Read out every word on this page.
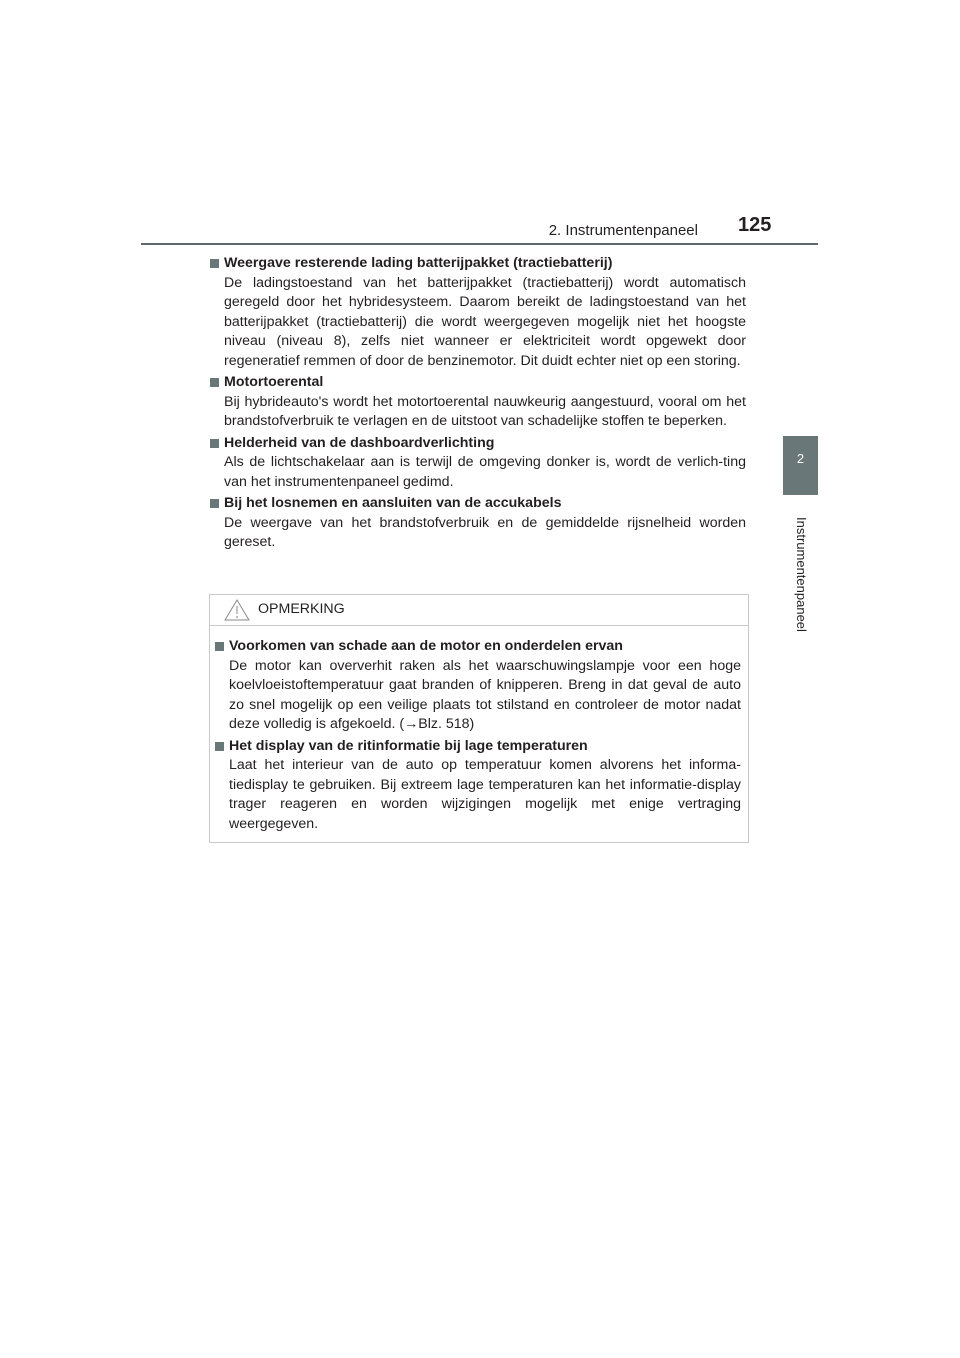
2. Instrumentenpaneel 125
2
Instrumentenpaneel
Weergave resterende lading batterijpakket (tractiebatterij)
De ladingstoestand van het batterijpakket (tractiebatterij) wordt automatisch geregeld door het hybridesysteem. Daarom bereikt de ladingstoestand van het batterijpakket (tractiebatterij) die wordt weergegeven mogelijk niet het hoogste niveau (niveau 8), zelfs niet wanneer er elektriciteit wordt opgewekt door regeneratief remmen of door de benzinemotor. Dit duidt echter niet op een storing.
Motortoerental
Bij hybrideauto's wordt het motortoerental nauwkeurig aangestuurd, vooral om het brandstofverbruik te verlagen en de uitstoot van schadelijke stoffen te beperken.
Helderheid van de dashboardverlichting
Als de lichtschakelaar aan is terwijl de omgeving donker is, wordt de verlich-ting van het instrumentenpaneel gedimd.
Bij het losnemen en aansluiten van de accukabels
De weergave van het brandstofverbruik en de gemiddelde rijsnelheid worden gereset.
OPMERKING
Voorkomen van schade aan de motor en onderdelen ervan
De motor kan oververhit raken als het waarschuwingslampje voor een hoge koelvloeistoftemperatuur gaat branden of knipperen. Breng in dat geval de auto zo snel mogelijk op een veilige plaats tot stilstand en controleer de motor nadat deze volledig is afgekoeld. (→Blz. 518)
Het display van de ritinformatie bij lage temperaturen
Laat het interieur van de auto op temperatuur komen alvorens het informa-tiedisplay te gebruiken. Bij extreem lage temperaturen kan het informatie-display trager reageren en worden wijzigingen mogelijk met enige vertraging weergegeven.
